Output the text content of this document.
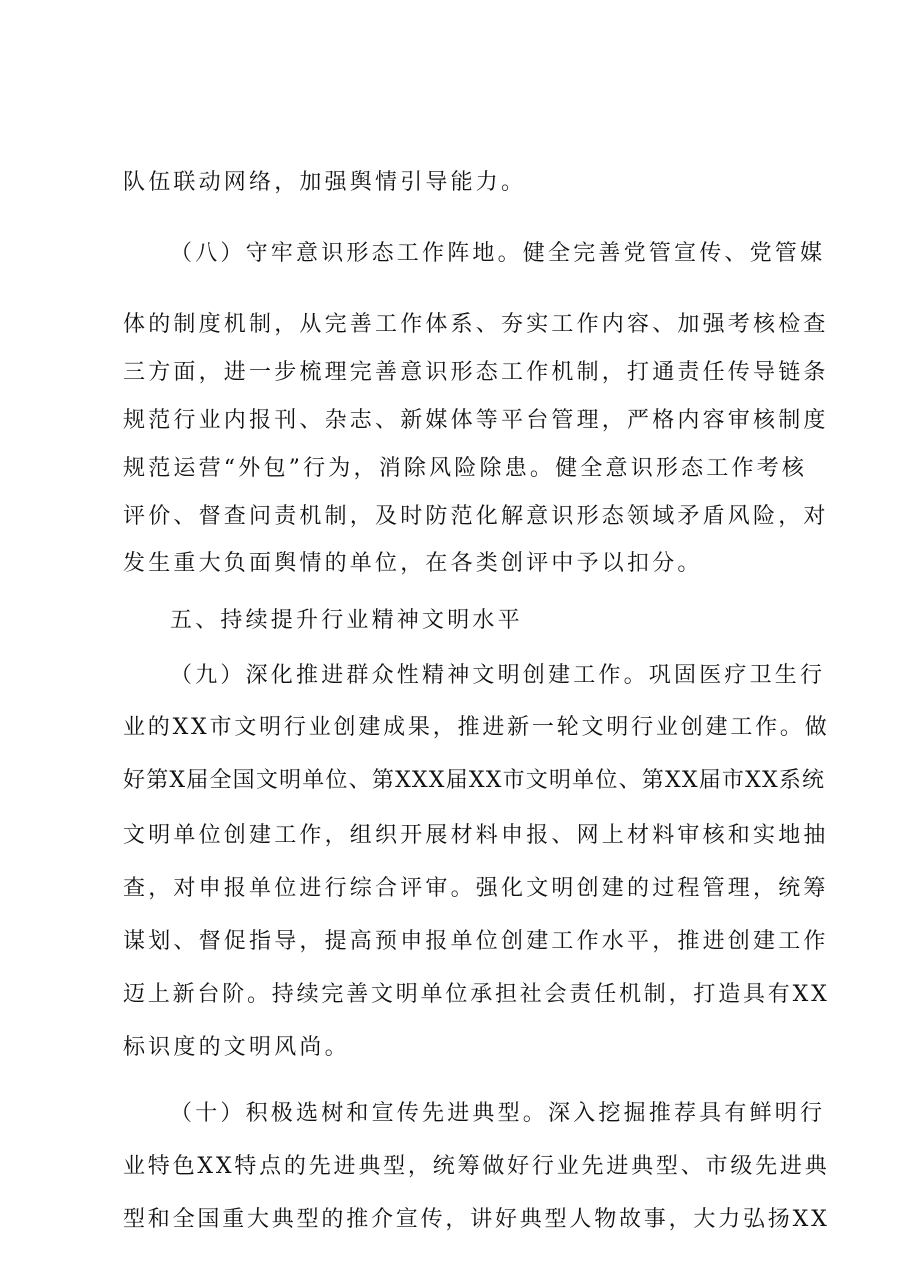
队伍联动网络，加强舆情引导能力。

（八）守牢意识形态工作阵地。健全完善党管宣传、党管媒

体的制度机制，从完善工作体系、夯实工作内容、加强考核检查

三方面，进一步梳理完善意识形态工作机制，打通责任传导链条

规范行业内报刊、杂志、新媒体等平台管理，严格内容审核制度

规范运营“外包”行为，消除风险除患。健全意识形态工作考核

评价、督查问责机制，及时防范化解意识形态领域矛盾风险，对

发生重大负面舆情的单位，在各类创评中予以扣分。

五、持续提升行业精神文明水平

（九）深化推进群众性精神文明创建工作。巩固医疗卫生行

业的XX市文明行业创建成果，推进新一轮文明行业创建工作。做

好第X届全国文明单位、第XXX届XX市文明单位、第XX届市XX系统

文明单位创建工作，组织开展材料申报、网上材料审核和实地抽

查，对申报单位进行综合评审。强化文明创建的过程管理，统筹

谋划、督促指导，提高预申报单位创建工作水平，推进创建工作

迈上新台阶。持续完善文明单位承担社会责任机制，打造具有XX

标识度的文明风尚。

（十）积极选树和宣传先进典型。深入挖掘推荐具有鲜明行

业特色XX特点的先进典型，统筹做好行业先进典型、市级先进典

型和全国重大典型的推介宣传，讲好典型人物故事，大力弘扬XX
